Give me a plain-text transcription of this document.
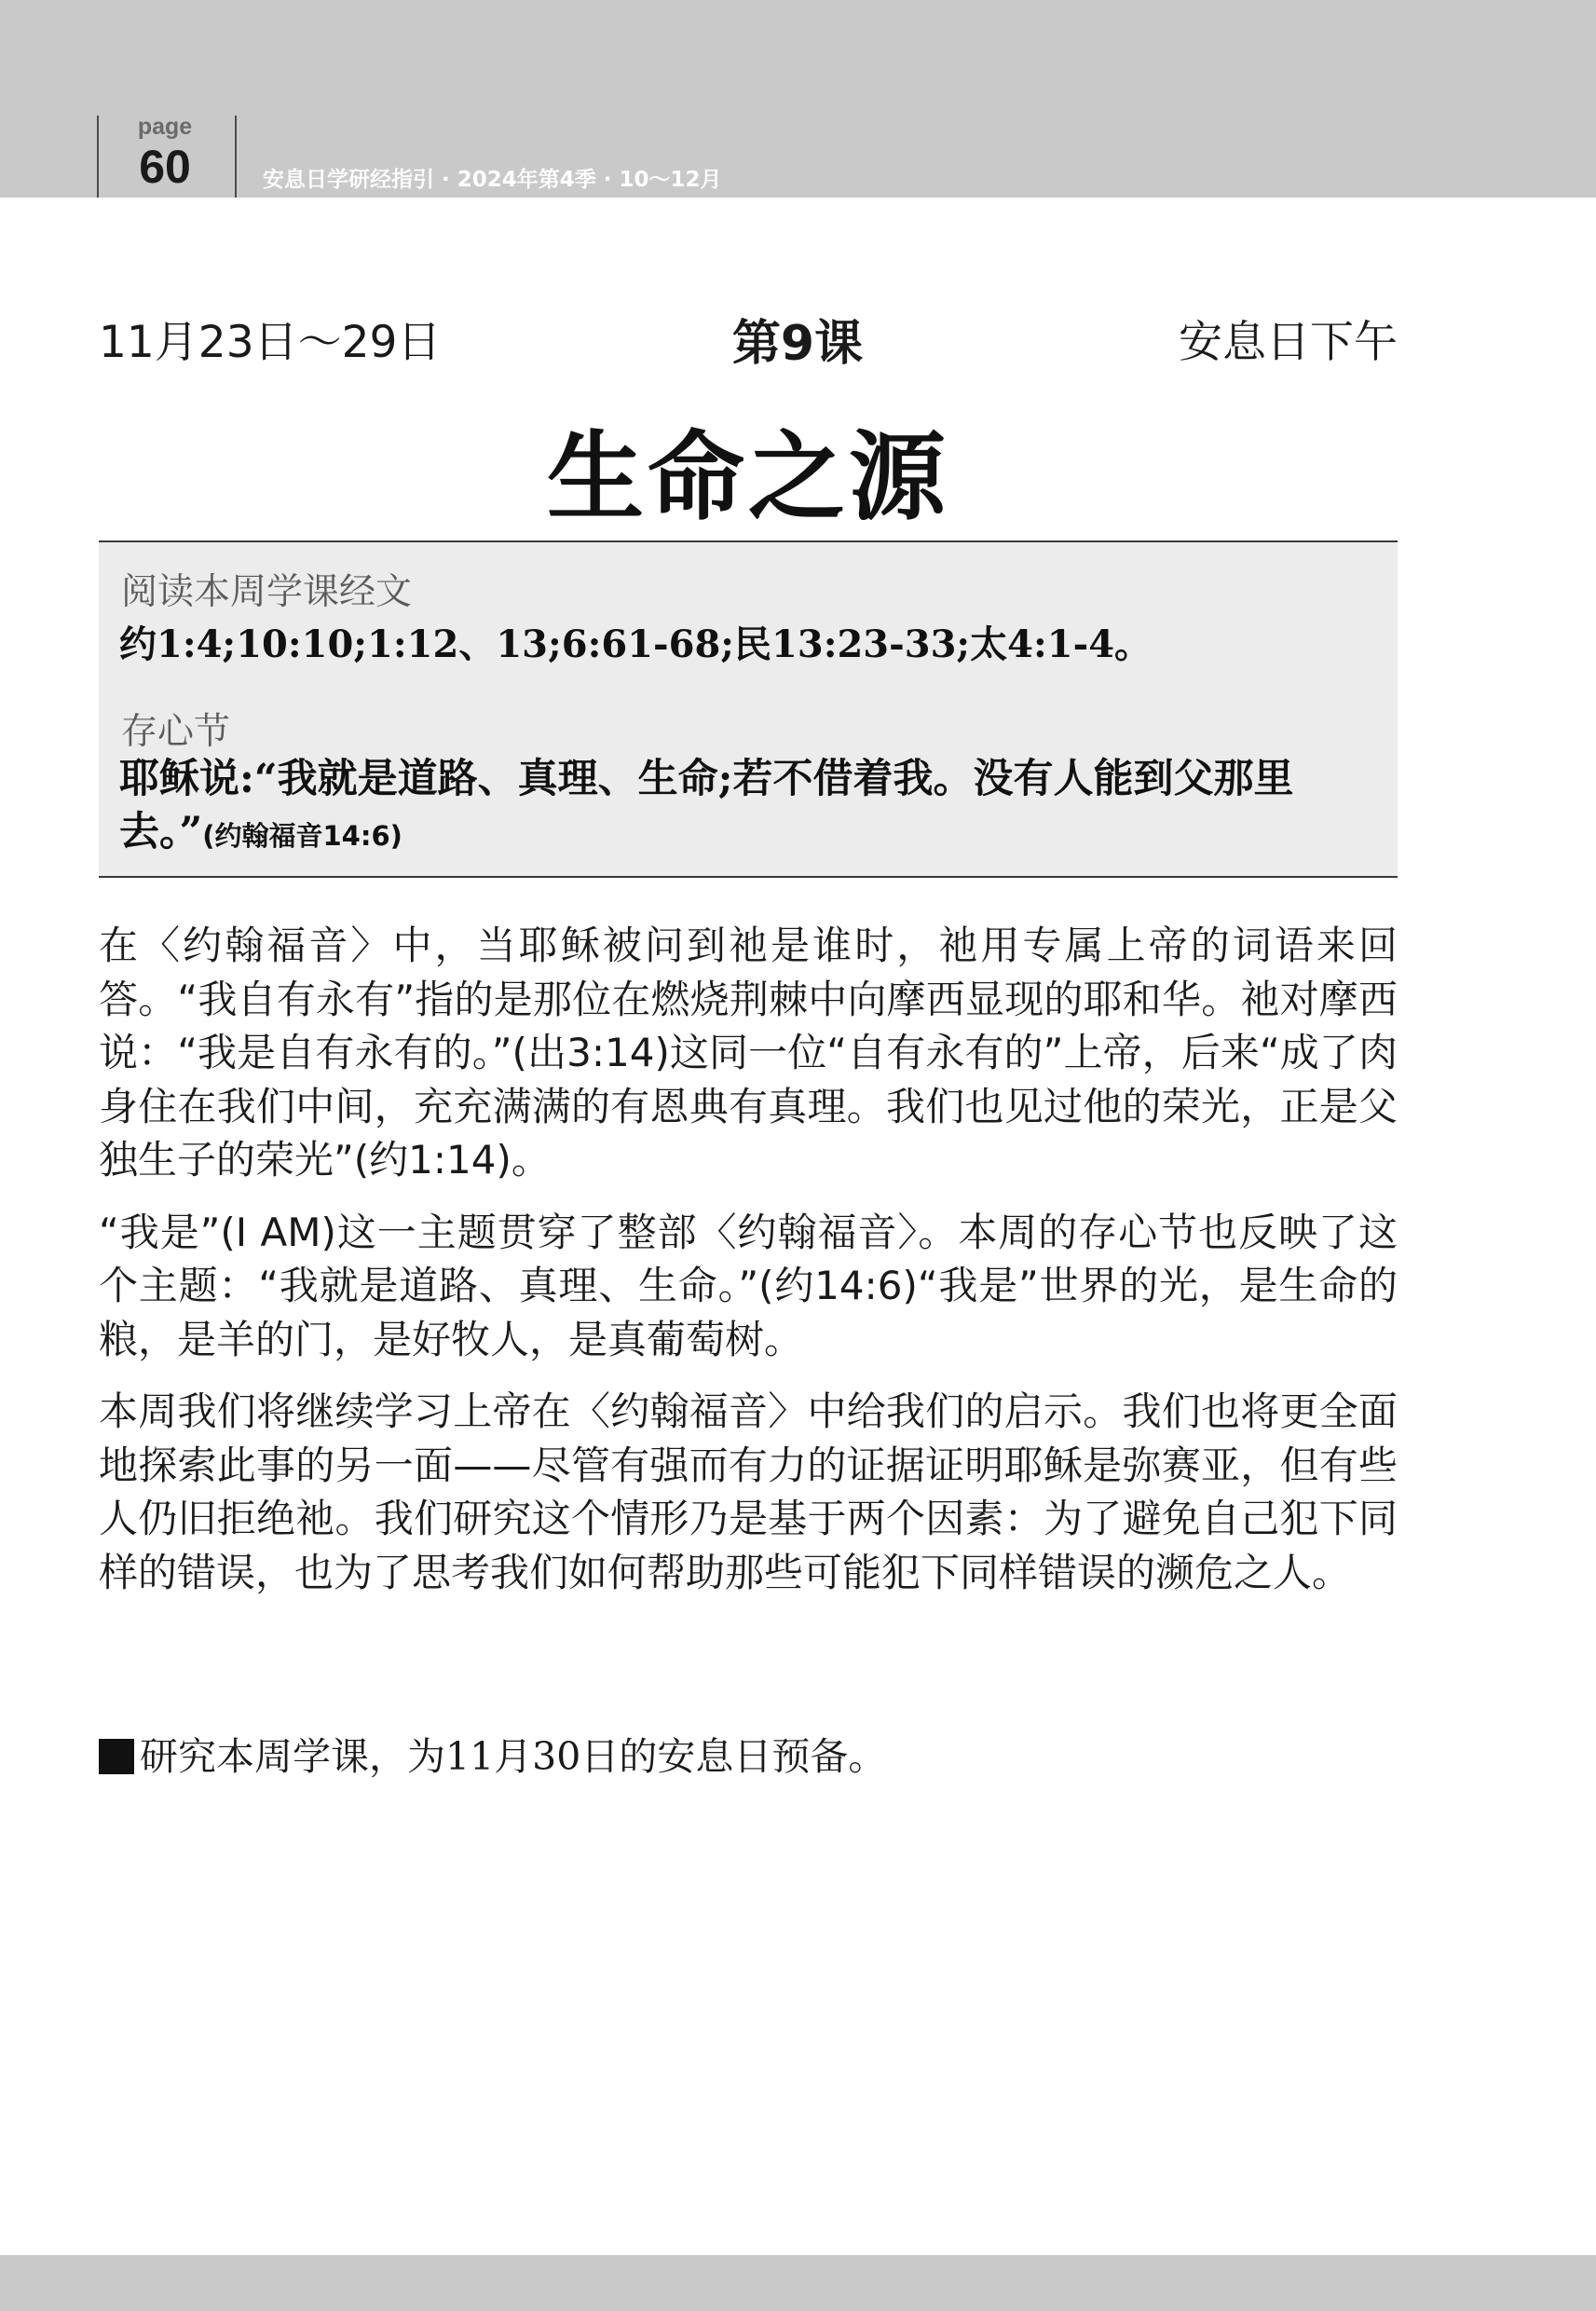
page
60	安息日学研经指引 · 2024年第4季 · 10～12月
11月23日～29日	第9课	安息日下午
生命之源
阅读本周学课经文
约1:4;10:10;1:12、13;6:61-68;民13:23-33;太4:1-4。
存心节
耶稣说:“我就是道路、真理、生命;若不借着我。没有人能到父那里去。”(约翰福音14:6)

在〈约翰福音〉中，当耶稣被问到祂是谁时，祂用专属上帝的词语来回答。“我自有永有”指的是那位在燃烧荆棘中向摩西显现的耶和华。祂对摩西说：“我是自有永有的。”(出3:14)这同一位“自有永有的”上帝，后来“成了肉身住在我们中间，充充满满的有恩典有真理。我们也见过他的荣光，正是父独生子的荣光”(约1:14)。

“我是”(I AM)这一主题贯穿了整部〈约翰福音〉。本周的存心节也反映了这个主题：“我就是道路、真理、生命。”(约14:6)“我是”世界的光，是生命的粮，是羊的门，是好牧人，是真葡萄树。

本周我们将继续学习上帝在〈约翰福音〉中给我们的启示。我们也将更全面地探索此事的另一面——尽管有强而有力的证据证明耶稣是弥赛亚，但有些人仍旧拒绝祂。我们研究这个情形乃是基于两个因素：为了避免自己犯下同样的错误，也为了思考我们如何帮助那些可能犯下同样错误的濒危之人。

研究本周学课，为11月30日的安息日预备。
